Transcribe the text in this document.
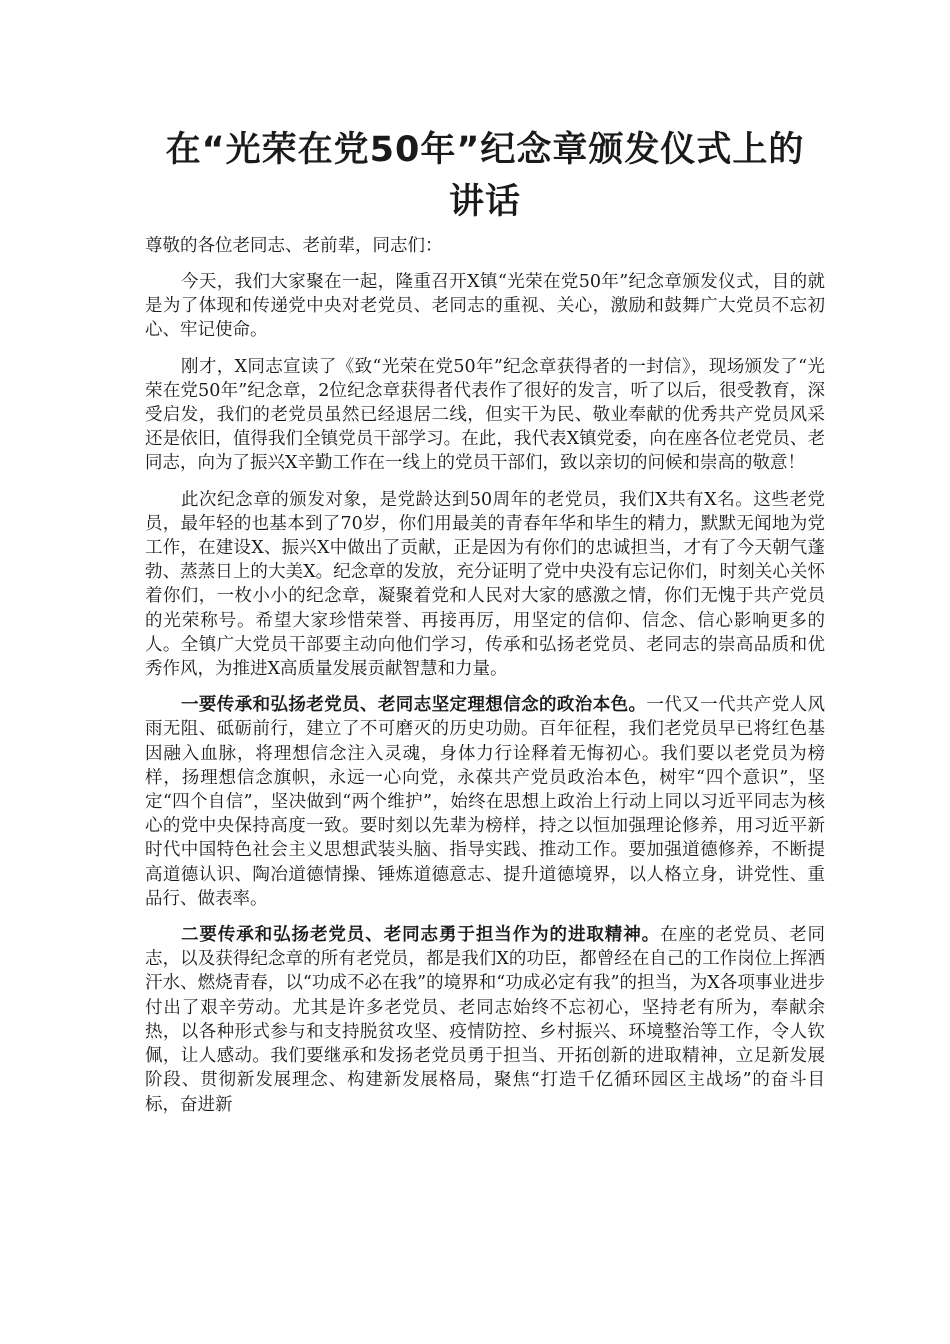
在“光荣在党50年”纪念章颁发仪式上的
讲话

尊敬的各位老同志、老前辈，同志们：

今天，我们大家聚在一起，隆重召开X镇“光荣在党50年”纪念章颁发仪式，目的就是为了体现和传递党中央对老党员、老同志的重视、关心，激励和鼓舞广大党员不忘初心、牢记使命。

刚才，X同志宣读了《致“光荣在党50年”纪念章获得者的一封信》，现场颁发了“光荣在党50年”纪念章，2位纪念章获得者代表作了很好的发言，听了以后，很受教育，深受启发，我们的老党员虽然已经退居二线，但实干为民、敬业奉献的优秀共产党员风采还是依旧，值得我们全镇党员干部学习。在此，我代表X镇党委，向在座各位老党员、老同志，向为了振兴X辛勤工作在一线上的党员干部们，致以亲切的问候和崇高的敬意！

此次纪念章的颁发对象，是党龄达到50周年的老党员，我们X共有X名。这些老党员，最年轻的也基本到了70岁，你们用最美的青春年华和毕生的精力，默默无闻地为党工作，在建设X、振兴X中做出了贡献，正是因为有你们的忠诚担当，才有了今天朝气蓬勃、蒸蒸日上的大美X。纪念章的发放，充分证明了党中央没有忘记你们，时刻关心关怀着你们，一枚小小的纪念章，凝聚着党和人民对大家的感激之情，你们无愧于共产党员的光荣称号。希望大家珍惜荣誉、再接再厉，用坚定的信仰、信念、信心影响更多的人。全镇广大党员干部要主动向他们学习，传承和弘扬老党员、老同志的崇高品质和优秀作风，为推进X高质量发展贡献智慧和力量。

一要传承和弘扬老党员、老同志坚定理想信念的政治本色。一代又一代共产党人风雨无阻、砥砺前行，建立了不可磨灭的历史功勋。百年征程，我们老党员早已将红色基因融入血脉，将理想信念注入灵魂，身体力行诠释着无悔初心。我们要以老党员为榜样，扬理想信念旗帜，永远一心向党，永葆共产党员政治本色，树牢“四个意识”，坚定“四个自信”，坚决做到“两个维护”，始终在思想上政治上行动上同以习近平同志为核心的党中央保持高度一致。要时刻以先辈为榜样，持之以恒加强理论修养，用习近平新时代中国特色社会主义思想武装头脑、指导实践、推动工作。要加强道德修养，不断提高道德认识、陶冶道德情操、锤炼道德意志、提升道德境界，以人格立身，讲党性、重品行、做表率。

二要传承和弘扬老党员、老同志勇于担当作为的进取精神。在座的老党员、老同志，以及获得纪念章的所有老党员，都是我们X的功臣，都曾经在自己的工作岗位上挥洒汗水、燃烧青春，以“功成不必在我”的境界和“功成必定有我”的担当，为X各项事业进步付出了艰辛劳动。尤其是许多老党员、老同志始终不忘初心，坚持老有所为，奉献余热，以各种形式参与和支持脱贫攻坚、疫情防控、乡村振兴、环境整治等工作，令人钦佩，让人感动。我们要继承和发扬老党员勇于担当、开拓创新的进取精神，立足新发展阶段、贯彻新发展理念、构建新发展格局，聚焦“打造千亿循环园区主战场”的奋斗目标，奋进新
